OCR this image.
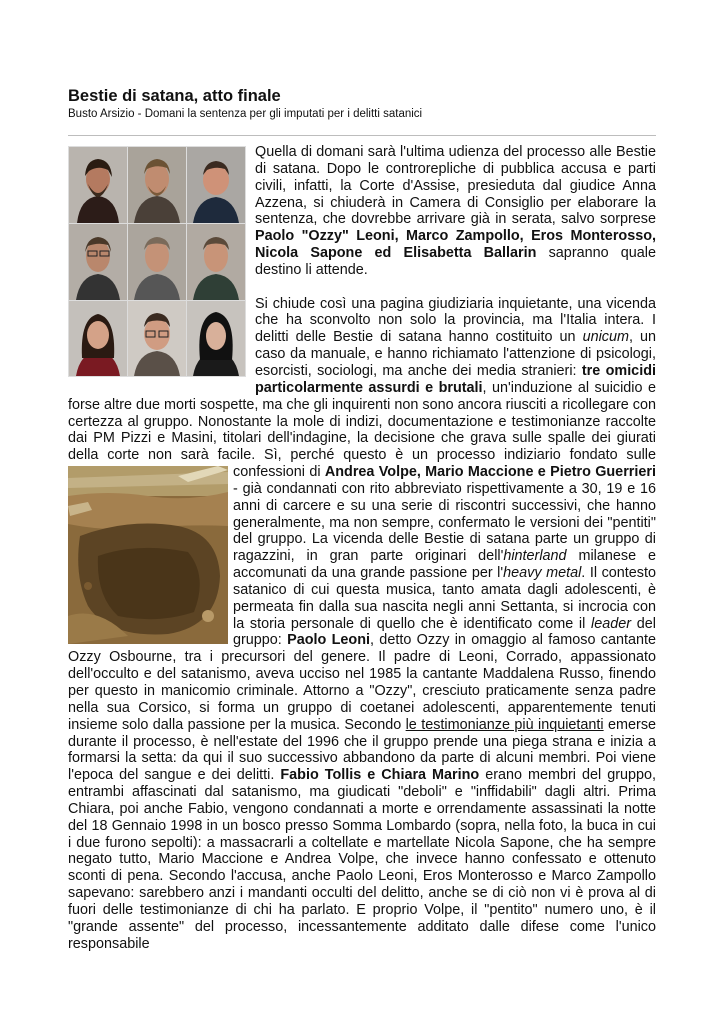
Bestie di satana, atto finale
Busto Arsizio - Domani la sentenza per gli imputati per i delitti satanici

Quella di domani sarà l'ultima udienza del processo alle Bestie di satana. Dopo le controrepliche di pubblica accusa e parti civili, infatti, la Corte d'Assise, presieduta dal giudice Anna Azzena, si chiuderà in Camera di Consiglio per elaborare la sentenza, che dovrebbe arrivare già in serata, salvo sorprese Paolo "Ozzy" Leoni, Marco Zampollo, Eros Monterosso, Nicola Sapone ed Elisabetta Ballarin sapranno quale destino li attende.

Si chiude così una pagina giudiziaria inquietante, una vicenda che ha sconvolto non solo la provincia, ma l'Italia intera. I delitti delle Bestie di satana hanno costituito un unicum, un caso da manuale, e hanno richiamato l'attenzione di psicologi, esorcisti, sociologi, ma anche dei media stranieri: tre omicidi particolarmente assurdi e brutali, un'induzione al suicidio e forse altre due morti sospette, ma che gli inquirenti non sono ancora riusciti a ricollegare con certezza al gruppo. Nonostante la mole di indizi, documentazione e testimonianze raccolte dai PM Pizzi e Masini, titolari dell'indagine, la decisione che grava sulle spalle dei giurati della corte non sarà facile. Sì, perché questo è un processo indiziario fondato sulle confessioni di
Andrea Volpe, Mario Maccione e Pietro Guerrieri - già condannati con rito abbreviato rispettivamente a 30, 19 e 16 anni di carcere e su una serie di riscontri successivi, che hanno generalmente, ma non sempre, confermato le versioni dei "pentiti" del gruppo. La vicenda delle Bestie di satana parte un gruppo di ragazzini, in gran parte originari dell'hinterland milanese e accomunati da una grande passione per l'heavy metal. Il contesto satanico di cui questa musica, tanto amata dagli adolescenti, è permeata fin dalla sua nascita negli anni Settanta, si incrocia con la storia personale di quello che è identificato come il leader del gruppo: Paolo Leoni, detto Ozzy in omaggio al famoso cantante Ozzy Osbourne, tra i precursori del genere. Il padre di Leoni, Corrado, appassionato dell'occulto e del satanismo, aveva ucciso nel 1985 la cantante Maddalena Russo, finendo per questo in manicomio criminale. Attorno a "Ozzy", cresciuto praticamente senza padre nella sua Corsico, si forma un gruppo di coetanei adolescenti, apparentemente tenuti insieme solo dalla passione per la musica. Secondo le testimonianze più inquietanti emerse durante il processo, è nell'estate del 1996 che il gruppo prende una piega strana e inizia a formarsi la setta: da qui il suo successivo abbandono da parte di alcuni membri. Poi viene l'epoca del sangue e dei delitti. Fabio Tollis e Chiara Marino erano membri del gruppo, entrambi affascinati dal satanismo, ma giudicati "deboli" e "inffidabili" dagli altri. Prima Chiara, poi anche Fabio, vengono condannati a morte e orrendamente assassinati la notte del 18 Gennaio 1998 in un bosco presso Somma Lombardo (sopra, nella foto, la buca in cui i due furono sepolti): a massacrarli a coltellate e martellate Nicola Sapone, che ha sempre negato tutto, Mario Maccione e Andrea Volpe, che invece hanno confessato e ottenuto sconti di pena. Secondo l'accusa, anche Paolo Leoni, Eros Monterosso e Marco Zampollo sapevano: sarebbero anzi i mandanti occulti del delitto, anche se di ciò non vi è prova al di fuori delle testimonianze di chi ha parlato. E proprio Volpe, il "pentito" numero uno, è il "grande assente" del processo, incessantemente additato dalle difese come l'unico responsabile
